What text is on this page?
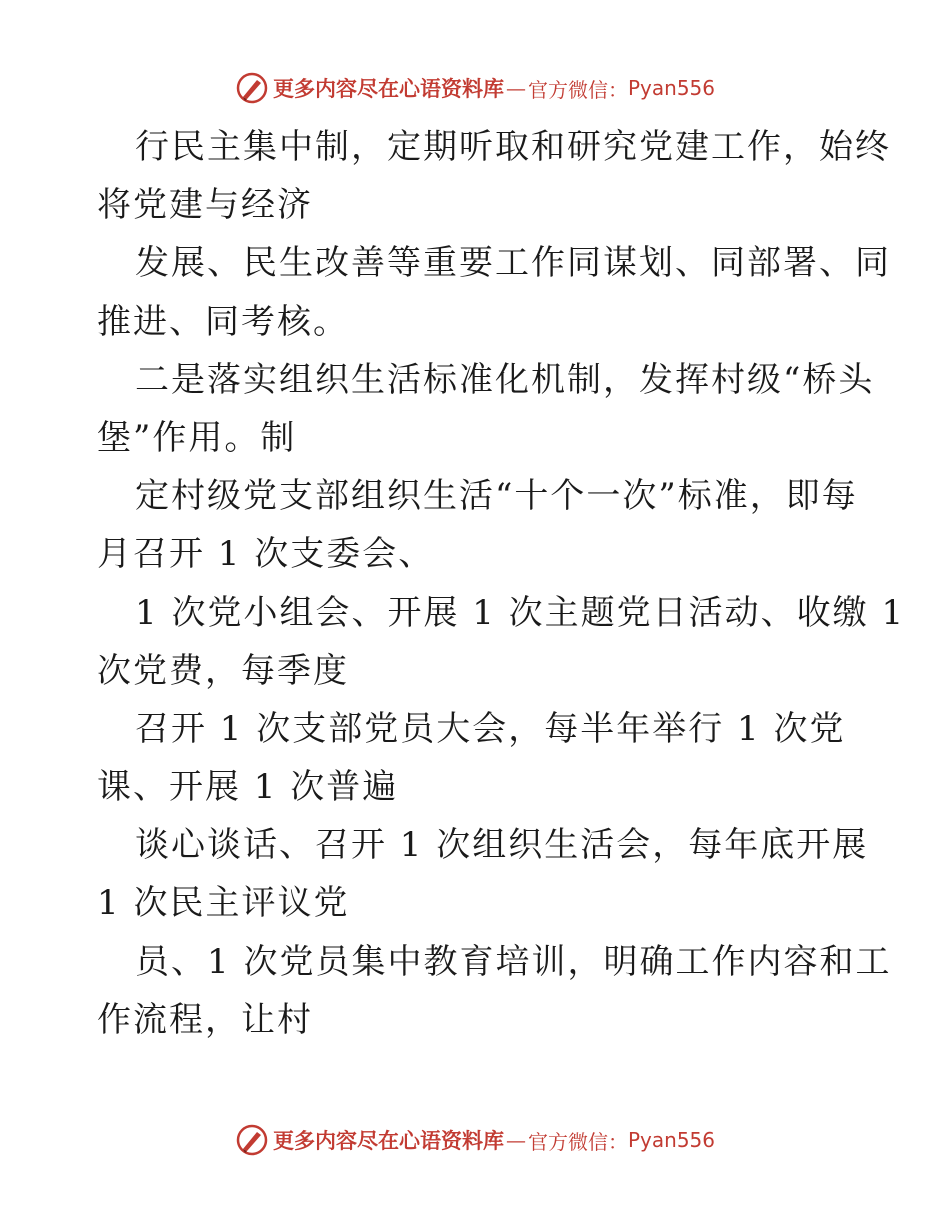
更多内容尽在心语资料库 — 官方微信： Pyan556
行民主集中制，定期听取和研究党建工作，始终
将党建与经济
发展、民生改善等重要工作同谋划、同部署、同
推进、同考核。
二是落实组织生活标准化机制，发挥村级“桥头
堡”作用。制
定村级党支部组织生活“十个一次”标准，即每
月召开 1 次支委会、
1 次党小组会、开展 1 次主题党日活动、收缴 1
次党费，每季度
召开 1 次支部党员大会，每半年举行 1 次党
课、开展 1 次普遍
谈心谈话、召开 1 次组织生活会，每年底开展
1 次民主评议党
员、1 次党员集中教育培训，明确工作内容和工
作流程，让村
更多内容尽在心语资料库 — 官方微信： Pyan556
